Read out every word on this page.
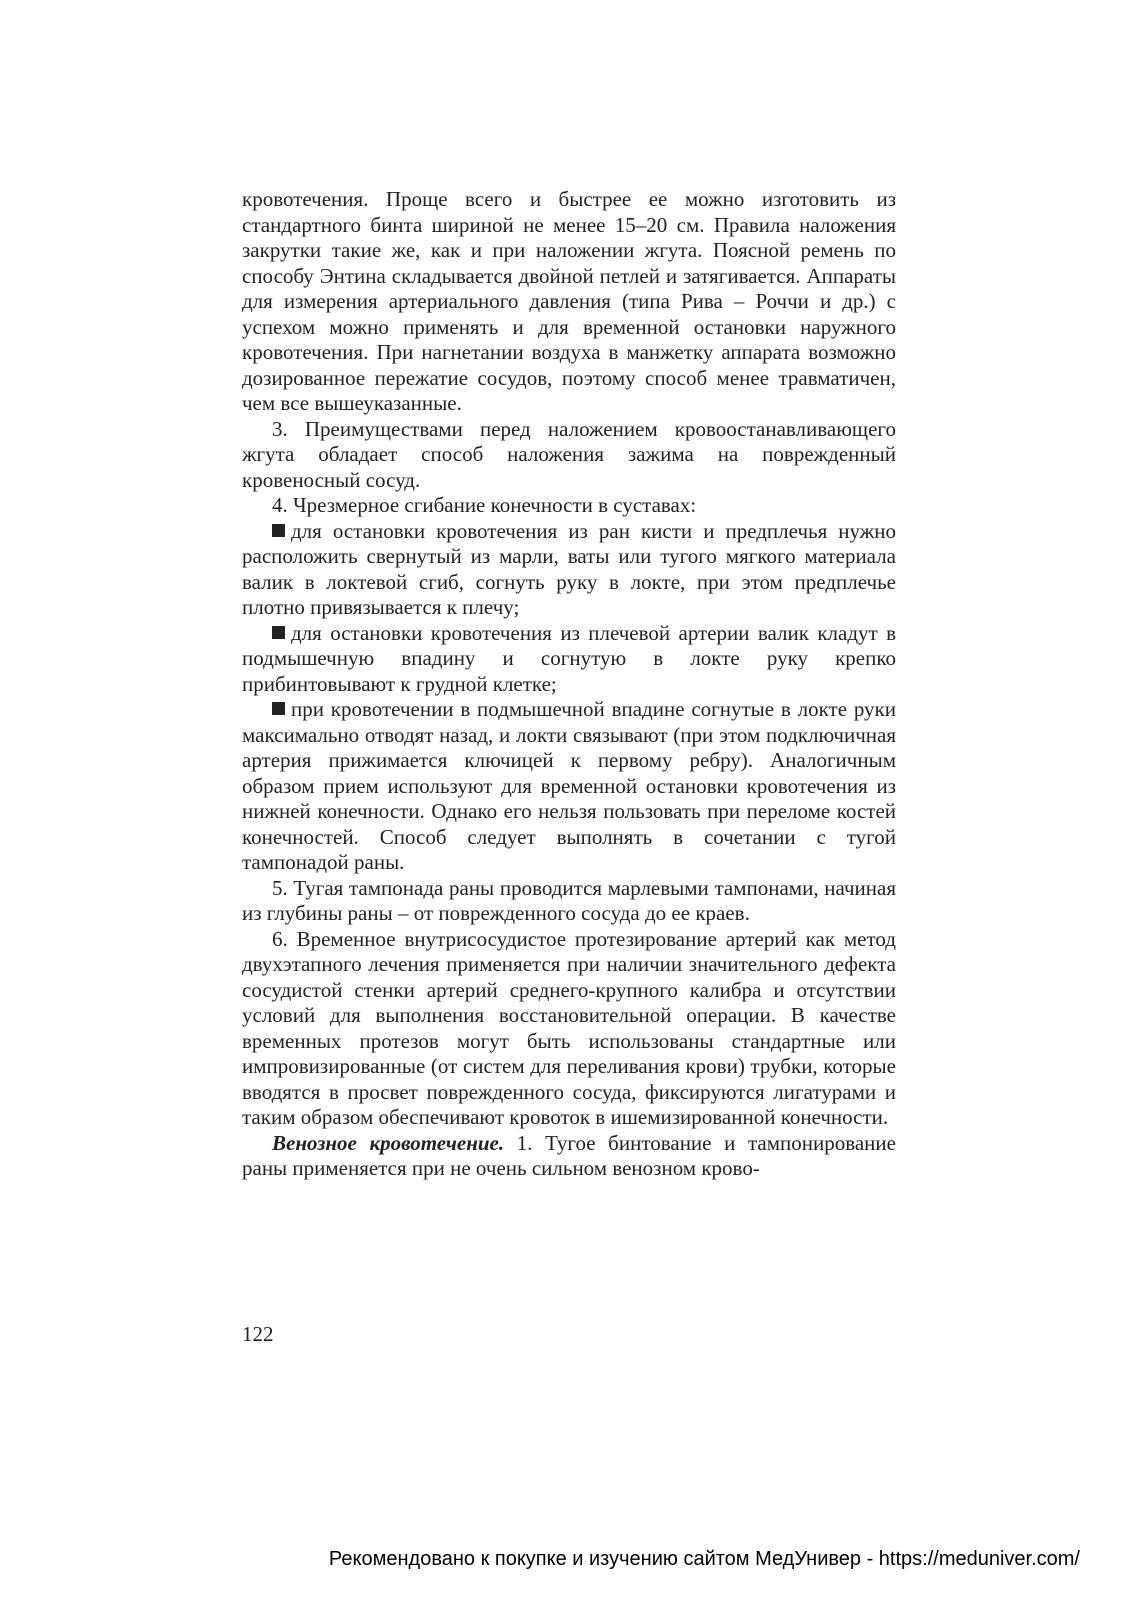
кровотечения. Проще всего и быстрее ее можно изготовить из стандартного бинта шириной не менее 15–20 см. Правила наложения закрутки такие же, как и при наложении жгута. Поясной ремень по способу Энтина складывается двойной петлей и затягивается. Аппараты для измерения артериального давления (типа Рива – Роччи и др.) с успехом можно применять и для временной остановки наружного кровотечения. При нагнетании воздуха в манжетку аппарата возможно дозированное пережатие сосудов, поэтому способ менее травматичен, чем все вышеуказанные.

3. Преимуществами перед наложением кровоостанавливающего жгута обладает способ наложения зажима на поврежденный кровеносный сосуд.

4. Чрезмерное сгибание конечности в суставах:

для остановки кровотечения из ран кисти и предплечья нужно расположить свернутый из марли, ваты или тугого мягкого материала валик в локтевой сгиб, согнуть руку в локте, при этом предплечье плотно привязывается к плечу;

для остановки кровотечения из плечевой артерии валик кладут в подмышечную впадину и согнутую в локте руку крепко прибинтовывают к грудной клетке;

при кровотечении в подмышечной впадине согнутые в локте руки максимально отводят назад, и локти связывают (при этом подключичная артерия прижимается ключицей к первому ребру). Аналогичным образом прием используют для временной остановки кровотечения из нижней конечности. Однако его нельзя пользовать при переломе костей конечностей. Способ следует выполнять в сочетании с тугой тампонадой раны.

5. Тугая тампонада раны проводится марлевыми тампонами, начиная из глубины раны – от поврежденного сосуда до ее краев.

6. Временное внутрисосудистое протезирование артерий как метод двухэтапного лечения применяется при наличии значительного дефекта сосудистой стенки артерий среднего-крупного калибра и отсутствии условий для выполнения восстановительной операции. В качестве временных протезов могут быть использованы стандартные или импровизированные (от систем для переливания крови) трубки, которые вводятся в просвет поврежденного сосуда, фиксируются лигатурами и таким образом обеспечивают кровоток в ишемизированной конечности.

Венозное кровотечение. 1. Тугое бинтование и тампонирование раны применяется при не очень сильном венозном крово-

122
Рекомендовано к покупке и изучению сайтом МедУнивер - https://meduniver.com/
